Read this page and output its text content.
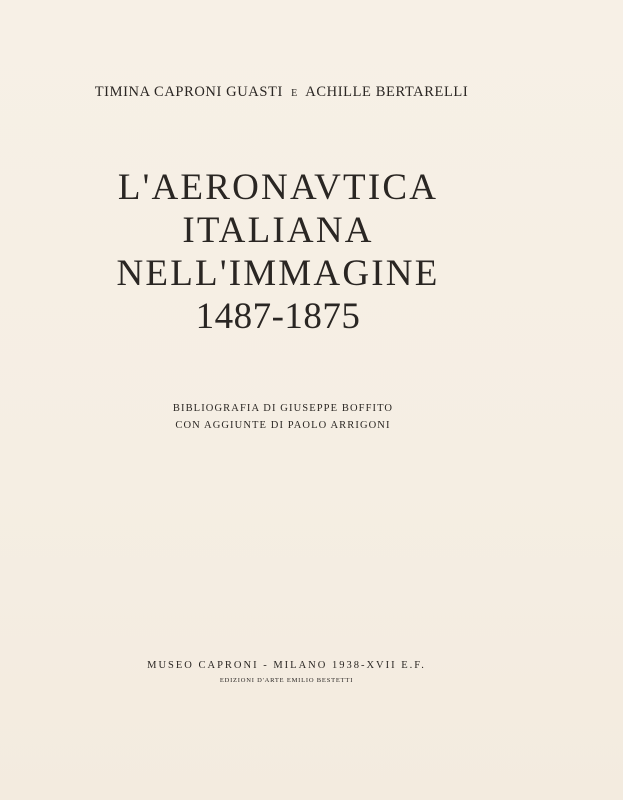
TIMINA CAPRONI GUASTI E ACHILLE BERTARELLI
L'AERONAVTICA
ITALIANA
NELL'IMMAGINE
1487-1875
BIBLIOGRAFIA DI GIUSEPPE BOFFITO
CON AGGIUNTE DI PAOLO ARRIGONI
MUSEO CAPRONI - MILANO 1938-XVII E.F.
EDIZIONI D'ARTE EMILIO BESTETTI
